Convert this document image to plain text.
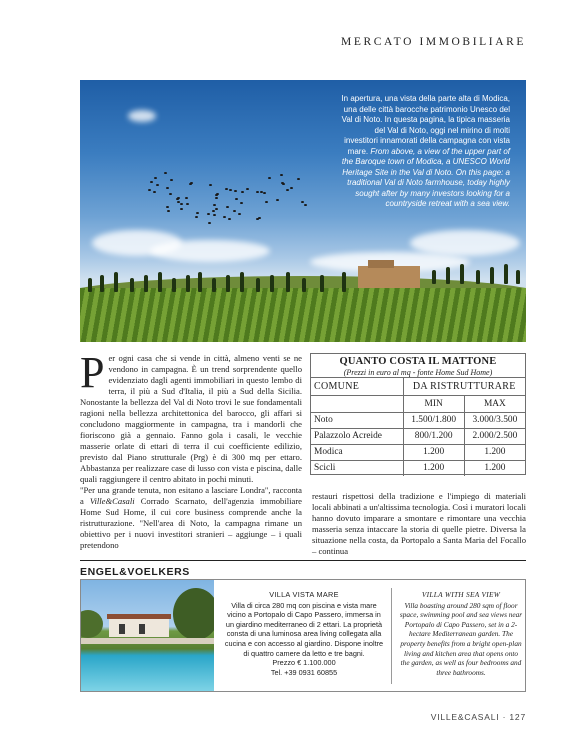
MERCATO IMMOBILIARE
In apertura, una vista della parte alta di Modica, una delle città barocche patrimonio Unesco del Val di Noto. In questa pagina, la tipica masseria del Val di Noto, oggi nel mirino di molti investitori innamorati della campagna con vista mare. From above, a view of the upper part of the Baroque town of Modica, a UNESCO World Heritage Site in the Val di Noto. On this page: a traditional Val di Noto farmhouse, today highly sought after by many investors looking for a countryside retreat with a sea view.

Per ogni casa che si vende in città, almeno venti se ne vendono in campagna. È un trend sorprendente quello evidenziato dagli agenti immobiliari in questo lembo di terra, il più a Sud d'Italia, il più a Sud della Sicilia. Nonostante la bellezza del Val di Noto trovi le sue fondamentali ragioni nella bellezza architettonica del barocco, gli affari si concludono maggiormente in campagna, tra i mandorli che fioriscono già a gennaio. Fanno gola i casali, le vecchie masserie orlate di ettari di terra il cui coefficiente edilizio, previsto dal Piano strutturale (Prg) è di 300 mq per ettaro. Abbastanza per realizzare case di lusso con vista e piscina, dalle quali raggiungere il centro abitato in pochi minuti.

"Per una grande tenuta, non esitano a lasciare Londra", racconta a Ville&Casali Corrado Scarnato, dell'agenzia immobiliare Home Sud Home, il cui core business comprende anche la ristrutturazione. "Nell'area di Noto, la campagna rimane un obiettivo per i nuovi investitori stranieri – aggiunge – i quali pretendono

QUANTO COSTA IL MATTONE
(Prezzi in euro al mq - fonte Home Sud Home)
COMUNE	DA RISTRUTTURARE	
	MIN	MAX
Noto	1.500/1.800	3.000/3.500
Palazzolo Acreide	800/1.200	2.000/2.500
Modica	1.200	1.200
Scicli	1.200	1.200

restauri rispettosi della tradizione e l'impiego di materiali locali abbinati a un'altissima tecnologia. Così i muratori locali hanno dovuto imparare a smontare e rimontare una vecchia masseria senza intaccare la storia di quelle pietre. Diversa la situazione nella costa, da Portopalo a Santa Maria del Focallo – continua

ENGEL&VOELKERS
VILLA VISTA MARE
Villa di circa 280 mq con piscina e vista mare vicino a Portopalo di Capo Passero, immersa in un giardino mediterraneo di 2 ettari. La proprietà consta di una luminosa area living collegata alla cucina e con accesso al giardino. Dispone inoltre di quattro camere da letto e tre bagni.
Prezzo € 1.100.000
Tel. +39 0931 60855
VILLA WITH SEA VIEW
Villa boasting around 280 sqm of floor space, swimming pool and sea views near Portopalo di Capo Passero, set in a 2-hectare Mediterranean garden. The property benefits from a bright open-plan living and kitchen area that opens onto the garden, as well as four bedrooms and three bathrooms.
VILLE&CASALI · 127
